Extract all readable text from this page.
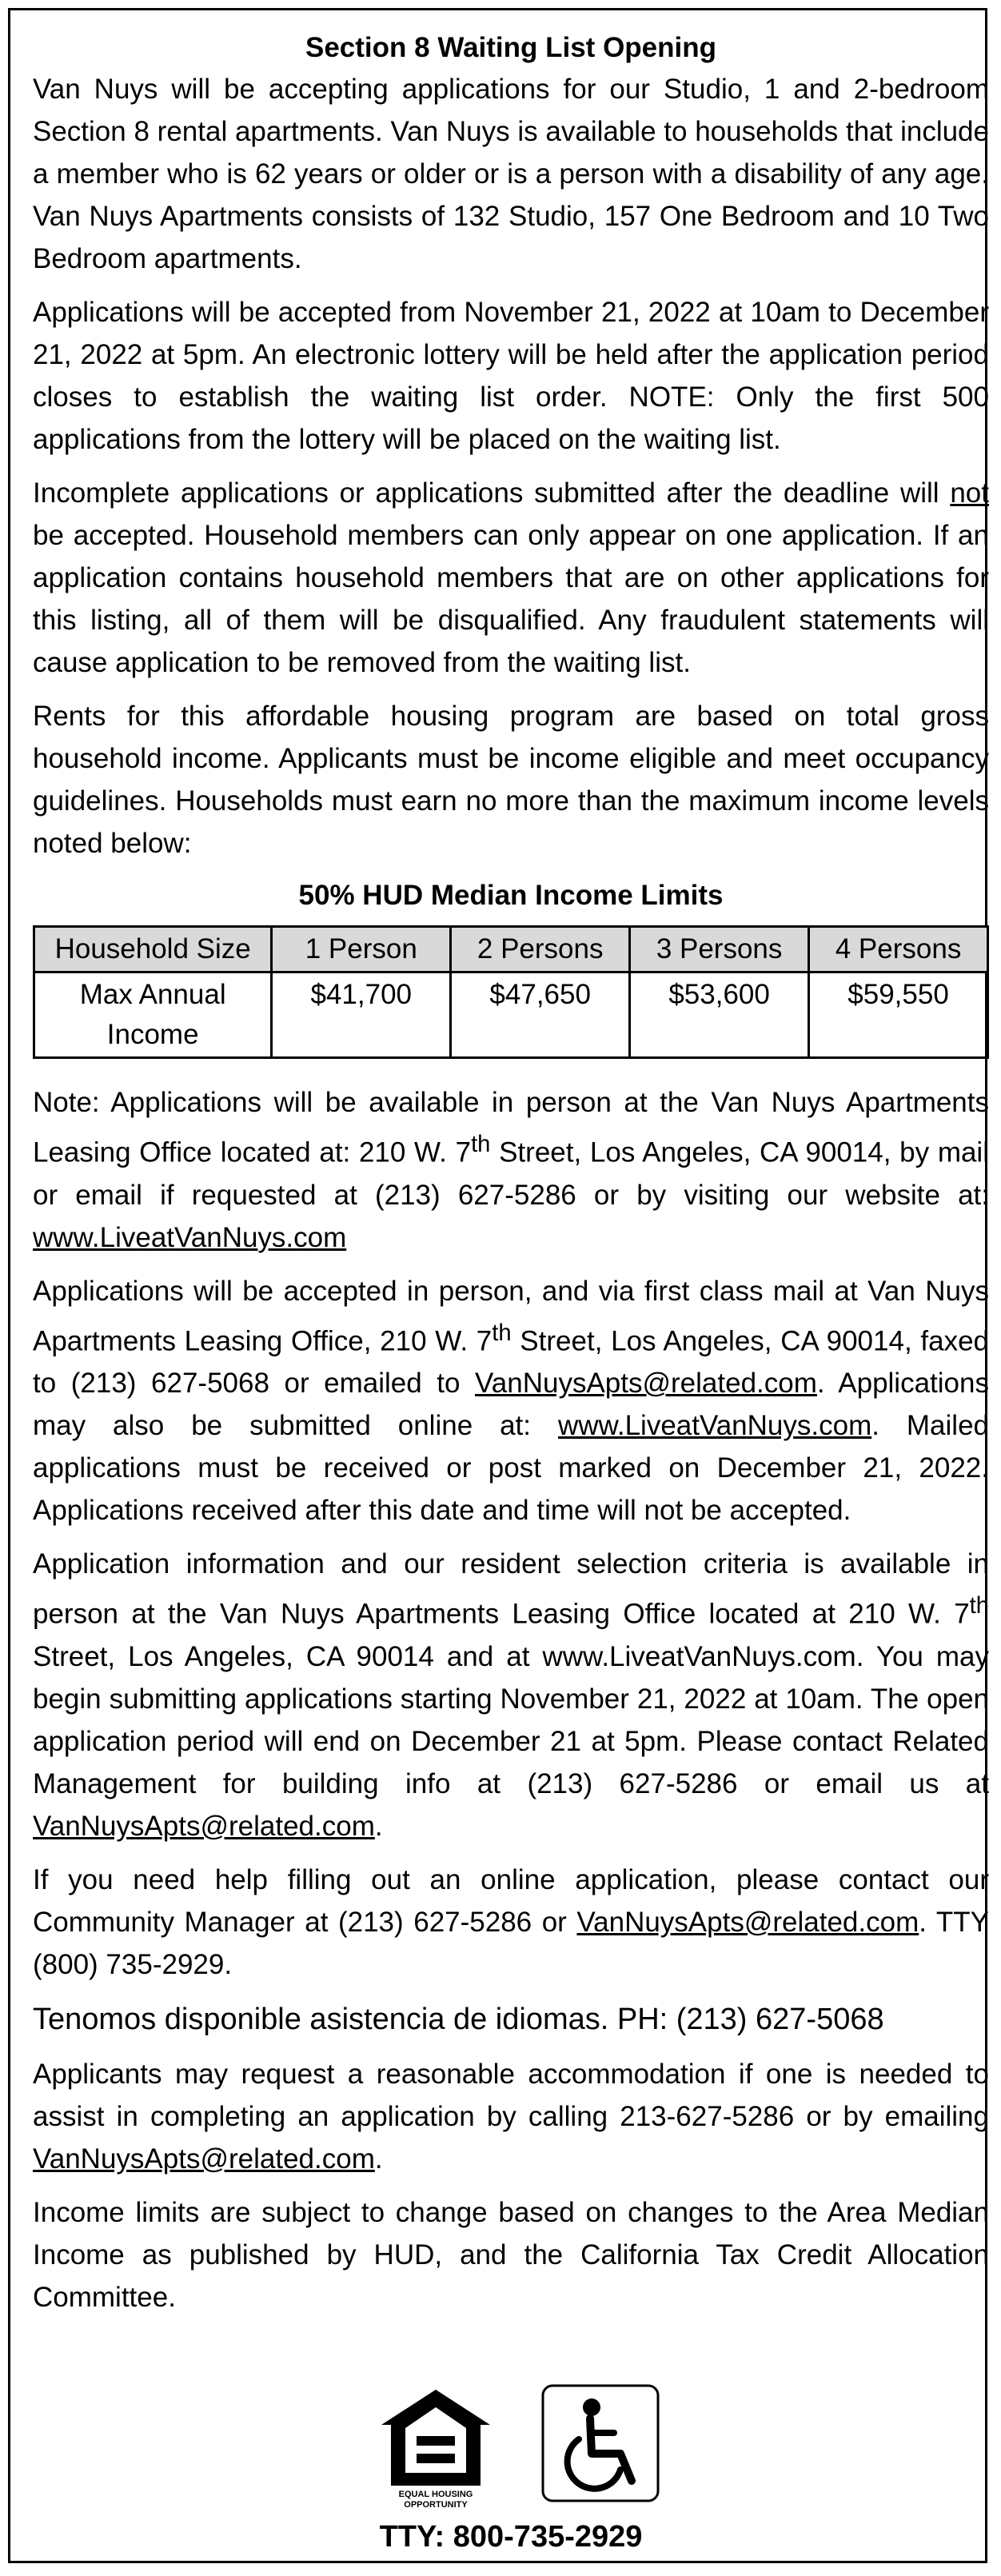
Section 8 Waiting List Opening

Van Nuys will be accepting applications for our Studio, 1 and 2-bedroom Section 8 rental apartments. Van Nuys is available to households that include a member who is 62 years or older or is a person with a disability of any age. Van Nuys Apartments consists of 132 Studio, 157 One Bedroom and 10 Two Bedroom apartments.

Applications will be accepted from November 21, 2022 at 10am to December 21, 2022 at 5pm. An electronic lottery will be held after the application period closes to establish the waiting list order. NOTE: Only the first 500 applications from the lottery will be placed on the waiting list.

Incomplete applications or applications submitted after the deadline will not be accepted. Household members can only appear on one application. If an application contains household members that are on other applications for this listing, all of them will be disqualified. Any fraudulent statements will cause application to be removed from the waiting list.

Rents for this affordable housing program are based on total gross household income. Applicants must be income eligible and meet occupancy guidelines. Households must earn no more than the maximum income levels noted below:

50% HUD Median Income Limits
Household Size	1 Person	2 Persons	3 Persons	4 Persons
Max Annual Income	$41,700	$47,650	$53,600	$59,550

Note: Applications will be available in person at the Van Nuys Apartments Leasing Office located at: 210 W. 7th Street, Los Angeles, CA 90014, by mail or email if requested at (213) 627-5286 or by visiting our website at: www.LiveatVanNuys.com

Applications will be accepted in person, and via first class mail at Van Nuys Apartments Leasing Office, 210 W. 7th Street, Los Angeles, CA 90014, faxed to (213) 627-5068 or emailed to VanNuysApts@related.com. Applications may also be submitted online at: www.LiveatVanNuys.com. Mailed applications must be received or post marked on December 21, 2022. Applications received after this date and time will not be accepted.

Application information and our resident selection criteria is available in person at the Van Nuys Apartments Leasing Office located at 210 W. 7th Street, Los Angeles, CA 90014 and at www.LiveatVanNuys.com. You may begin submitting applications starting November 21, 2022 at 10am. The open application period will end on December 21 at 5pm. Please contact Related Management for building info at (213) 627-5286 or email us at VanNuysApts@related.com.

If you need help filling out an online application, please contact our Community Manager at (213) 627-5286 or VanNuysApts@related.com. TTY (800) 735-2929.

Tenomos disponible asistencia de idiomas. PH: (213) 627-5068

Applicants may request a reasonable accommodation if one is needed to assist in completing an application by calling 213-627-5286 or by emailing VanNuysApts@related.com.

Income limits are subject to change based on changes to the Area Median Income as published by HUD, and the California Tax Credit Allocation Committee.

EQUAL HOUSING OPPORTUNITY
TTY: 800-735-2929
